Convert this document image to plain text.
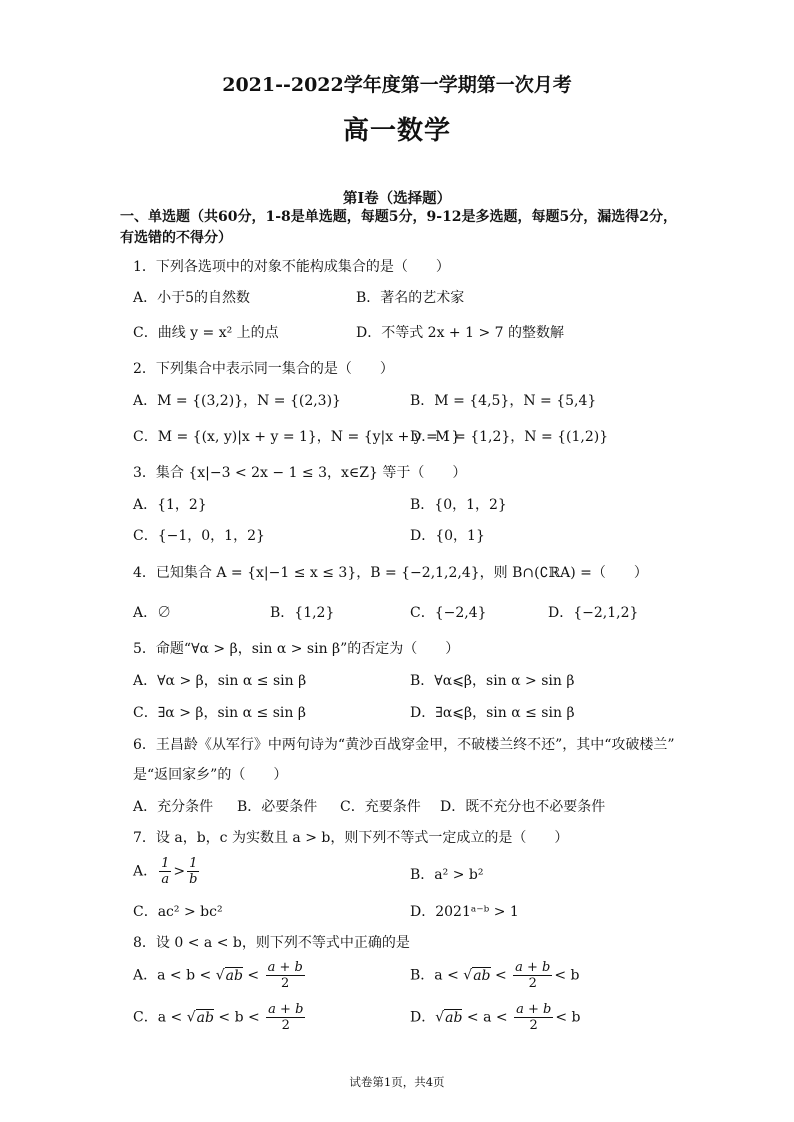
2021--2022学年度第一学期第一次月考
高一数学
第I卷（选择题）
一、单选题（共60分，1-8是单选题，每题5分，9-12是多选题，每题5分，漏选得2分，有选错的不得分）
1．下列各选项中的对象不能构成集合的是（　　）
A．小于5的自然数	B．著名的艺术家
C．曲线 y = x² 上的点	D．不等式 2x + 1 > 7 的整数解
2．下列集合中表示同一集合的是（　　）
A．M = {(3,2)}，N = {(2,3)}	B．M = {4,5}，N = {5,4}
C．M = {(x, y)|x + y = 1}，N = {y|x + y = 1}
D．M = {1,2}，N = {(1,2)}
3．集合 {x|−3 < 2x − 1 ≤ 3，x∈Z} 等于（　　）
A．{1，2}	B．{0，1，2}
C．{−1，0，1，2}	D．{0，1}
4．已知集合 A = {x|−1 ≤ x ≤ 3}，B = {−2,1,2,4}，则 B∩(∁ℝA) =（　　）
A．∅	B．{1,2}	C．{−2,4}	D．{−2,1,2}
5．命题“∀α > β，sin α > sin β”的否定为（　　）
A．∀α > β，sin α ≤ sin β	B．∀α⩽β，sin α > sin β
C．∃α > β，sin α ≤ sin β	D．∃α⩽β，sin α ≤ sin β
6．王昌龄《从军行》中两句诗为“黄沙百战穿金甲，不破楼兰终不还”，其中“攻破楼兰”
是“返回家乡”的（　　）
A．充分条件 B．必要条件 C．充要条件 D．既不充分也不必要条件
7．设 a，b，c 为实数且 a > b，则下列不等式一定成立的是（　　）
A． $\frac{1}{a} > \frac{1}{b}$	B．a² > b²
C．ac² > bc²	D．2021ᵃ⁻ᵇ > 1
8．设 0 < a < b，则下列不等式中正确的是
A．$a < b < √ab < \frac{a + b}{2}$	B．$a < √ab < \frac{a + b}{2} < b$
C．$a < √ab < b < \frac{a + b}{2}$	D．$√ab < a < \frac{a + b}{2} < b$
试卷第1页，共4页
